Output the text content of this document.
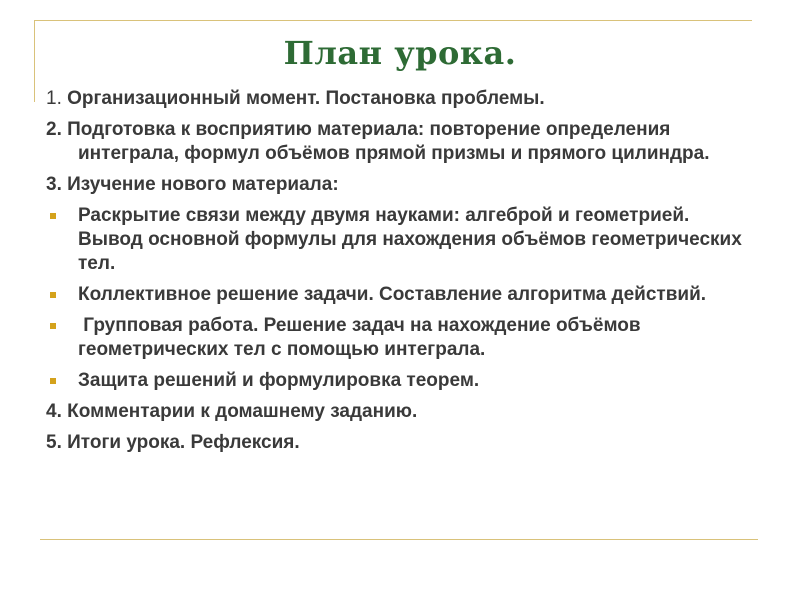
План урока.
1. Организационный момент. Постановка проблемы.
2. Подготовка к восприятию материала: повторение определения интеграла, формул объёмов прямой призмы и прямого цилиндра.
3. Изучение нового материала:
Раскрытие связи между двумя науками: алгеброй и геометрией. Вывод основной формулы для нахождения объёмов геометрических тел.
Коллективное решение задачи. Составление алгоритма действий.
Групповая работа. Решение задач на нахождение объёмов геометрических тел с помощью интеграла.
Защита решений и формулировка теорем.
4. Комментарии к домашнему заданию.
5. Итоги урока. Рефлексия.
